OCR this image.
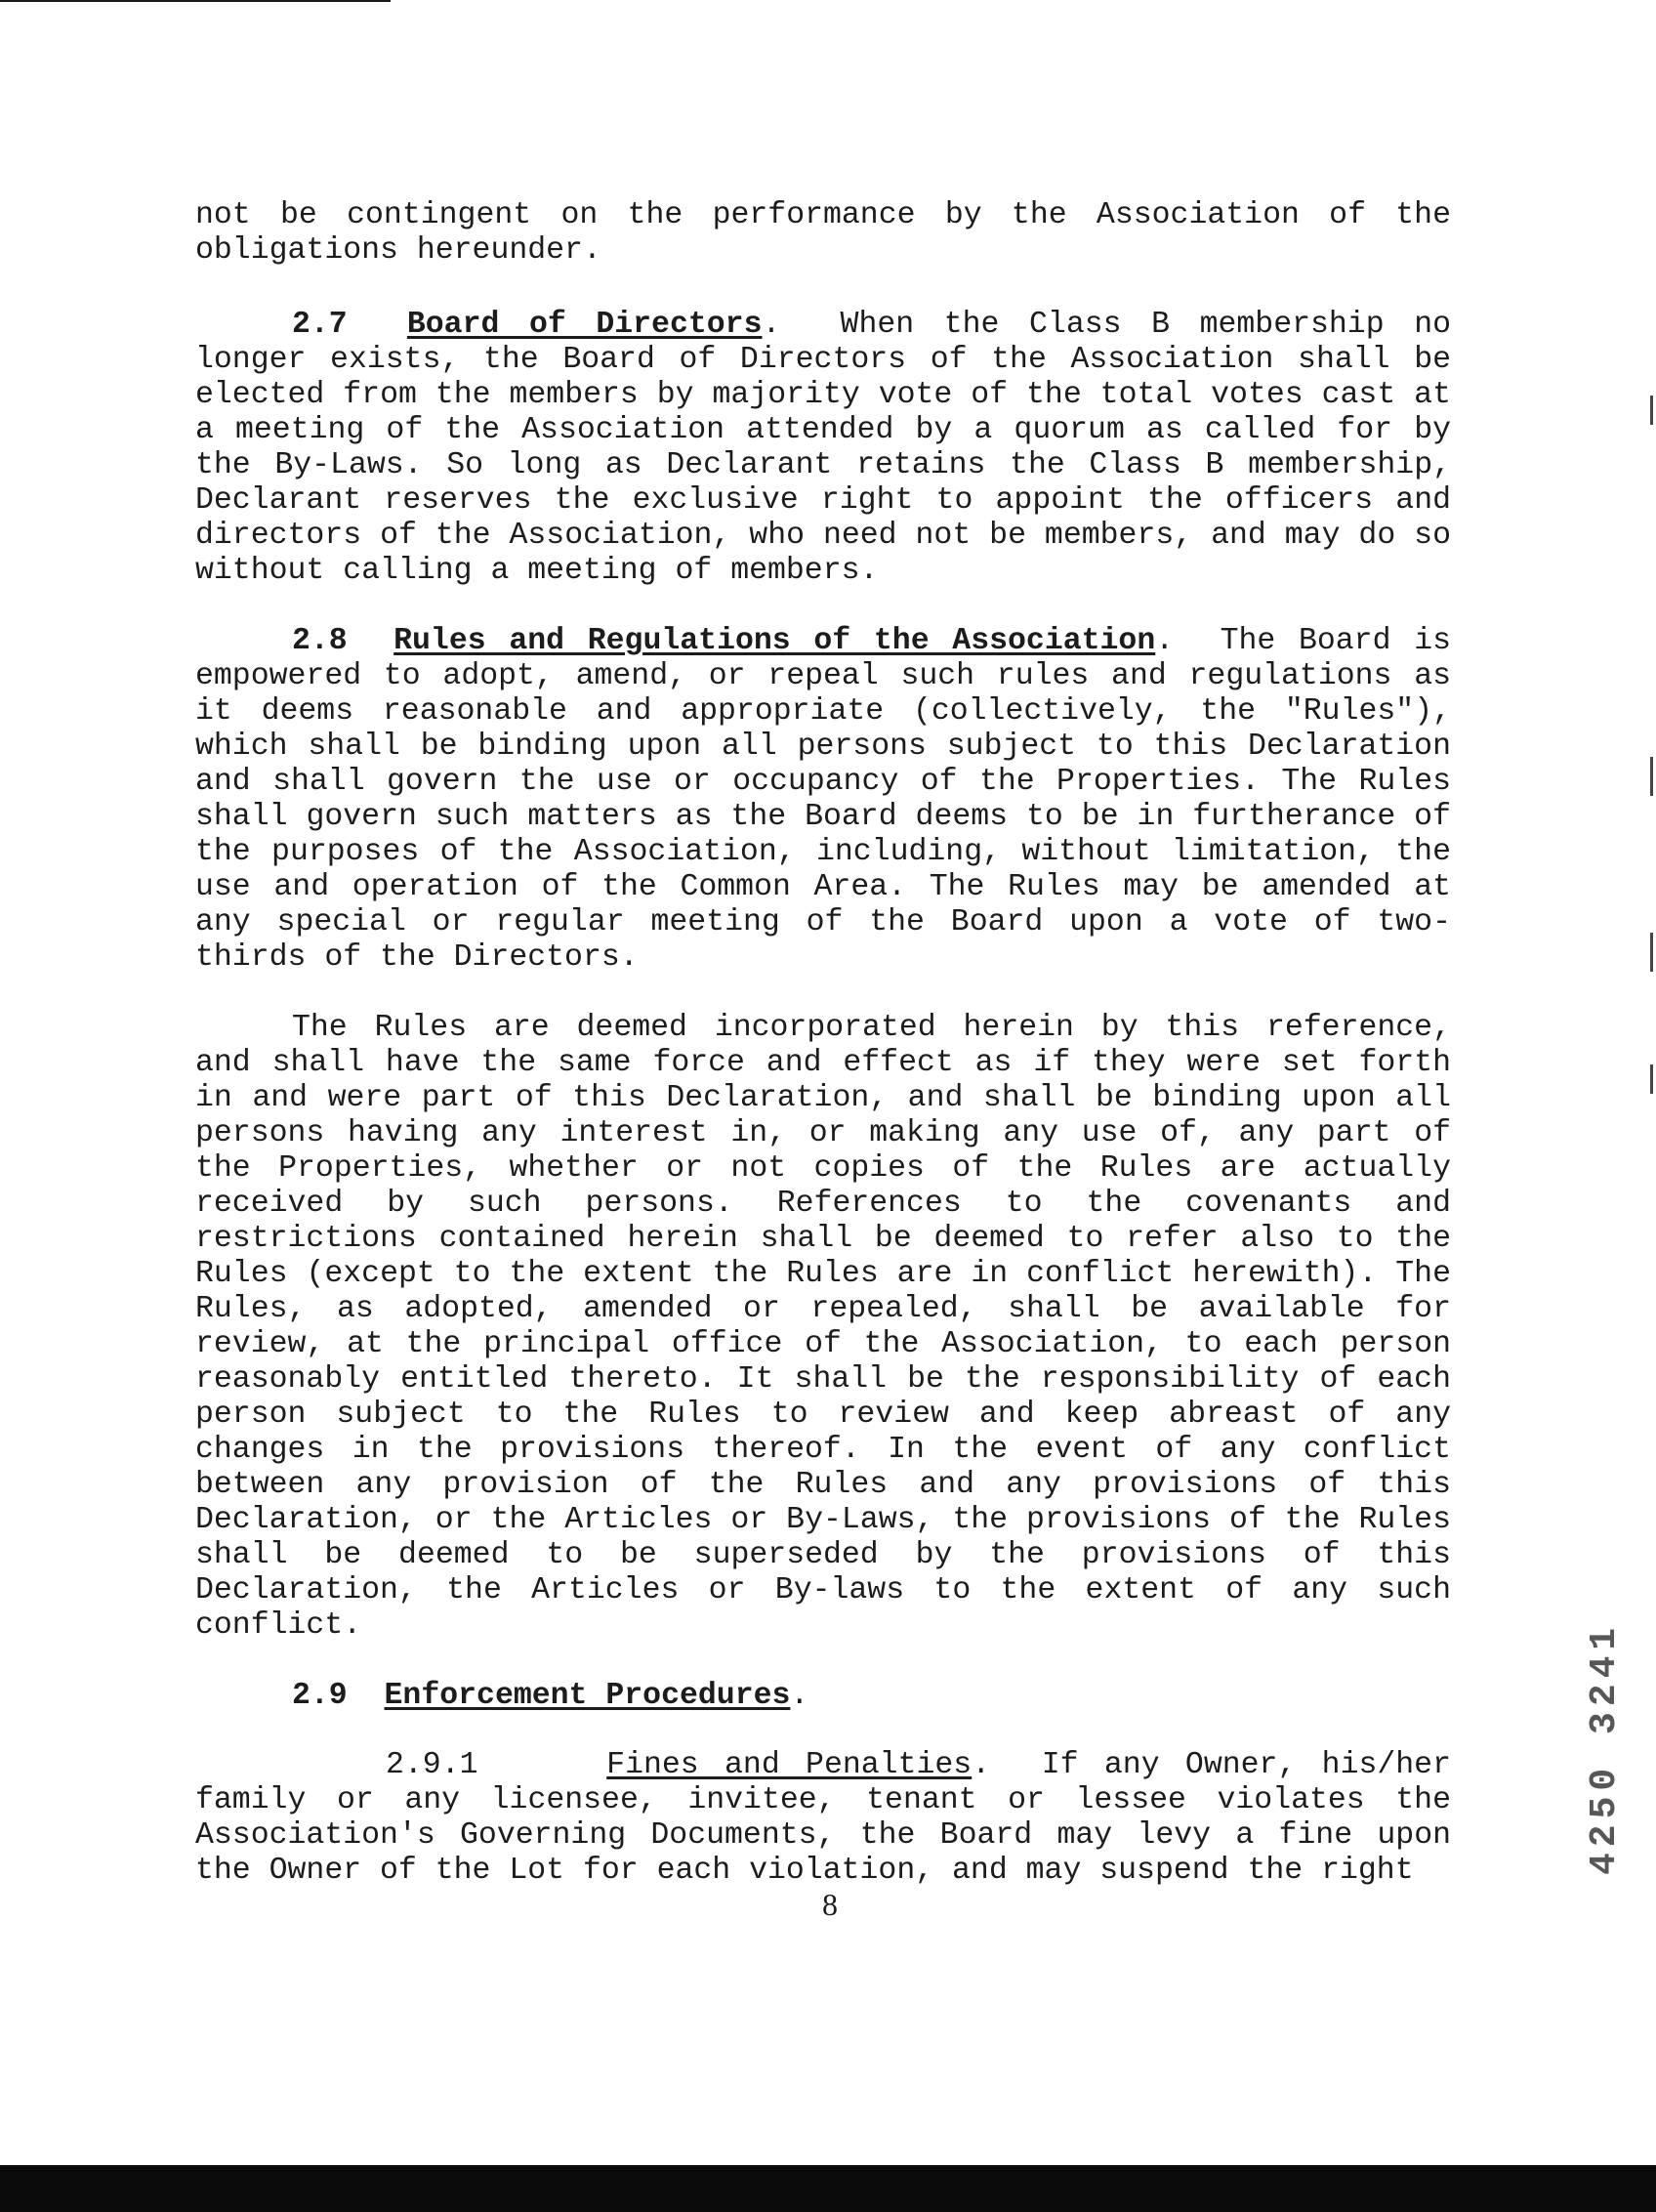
not be contingent on the performance by the Association of the obligations hereunder.

2.7 Board of Directors.  When the Class B membership no longer exists, the Board of Directors of the Association shall be elected from the members by majority vote of the total votes cast at a meeting of the Association attended by a quorum as called for by the By-Laws. So long as Declarant retains the Class B membership, Declarant reserves the exclusive right to appoint the officers and directors of the Association, who need not be members, and may do so without calling a meeting of members.

2.8 Rules and Regulations of the Association.  The Board is empowered to adopt, amend, or repeal such rules and regulations as it deems reasonable and appropriate (collectively, the "Rules"), which shall be binding upon all persons subject to this Declaration and shall govern the use or occupancy of the Properties. The Rules shall govern such matters as the Board deems to be in furtherance of the purposes of the Association, including, without limitation, the use and operation of the Common Area. The Rules may be amended at any special or regular meeting of the Board upon a vote of two-thirds of the Directors.

The Rules are deemed incorporated herein by this reference, and shall have the same force and effect as if they were set forth in and were part of this Declaration, and shall be binding upon all persons having any interest in, or making any use of, any part of the Properties, whether or not copies of the Rules are actually received by such persons. References to the covenants and restrictions contained herein shall be deemed to refer also to the Rules (except to the extent the Rules are in conflict herewith). The Rules, as adopted, amended or repealed, shall be available for review, at the principal office of the Association, to each person reasonably entitled thereto. It shall be the responsibility of each person subject to the Rules to review and keep abreast of any changes in the provisions thereof. In the event of any conflict between any provision of the Rules and any provisions of this Declaration, or the Articles or By-Laws, the provisions of the Rules shall be deemed to be superseded by the provisions of this Declaration, the Articles or By-laws to the extent of any such conflict.

2.9 Enforcement Procedures.

2.9.1	Fines and Penalties.  If any Owner, his/her family or any licensee, invitee, tenant or lessee violates the Association's Governing Documents, the Board may levy a fine upon the Owner of the Lot for each violation, and may suspend the right

8
4250 3241
